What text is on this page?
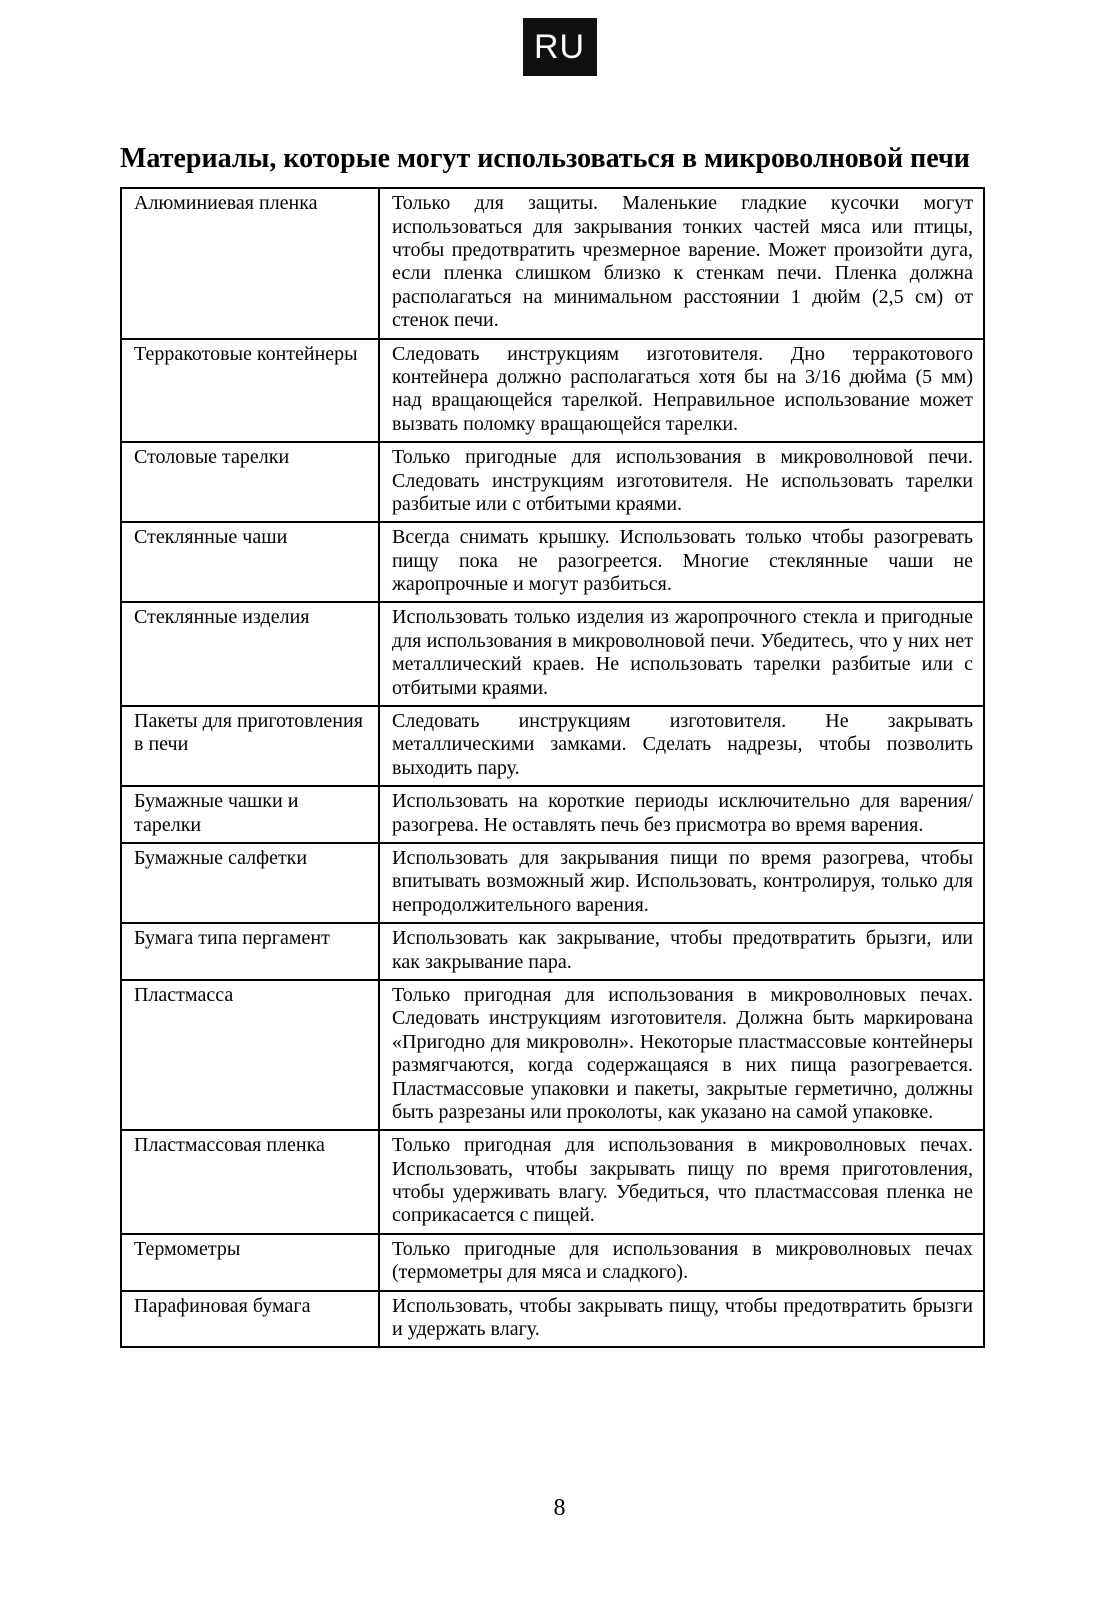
RU
Материалы, которые могут использоваться в микроволновой печи
Алюминиевая пленка	Только для защиты. Маленькие гладкие кусочки могут использоваться для закрывания тонких частей мяса или птицы, чтобы предотвратить чрезмерное варение. Может произойти дуга, если пленка слишком близко к стенкам печи. Пленка должна располагаться на минимальном расстоянии 1 дюйм (2,5 см) от стенок печи.
Терракотовые контейнеры	Следовать инструкциям изготовителя. Дно терракотового контейнера должно располагаться хотя бы на 3/16 дюйма (5 мм) над вращающейся тарелкой. Неправильное использование может вызвать поломку вращающейся тарелки.
Столовые тарелки	Только пригодные для использования в микроволновой печи. Следовать инструкциям изготовителя. Не использовать тарелки разбитые или с отбитыми краями.
Стеклянные чаши	Всегда снимать крышку. Использовать только чтобы разогревать пищу пока не разогреется. Многие стеклянные чаши не жаропрочные и могут разбиться.
Стеклянные изделия	Использовать только изделия из жаропрочного стекла и пригодные для использования в микроволновой печи. Убедитесь, что у них нет металлический краев. Не использовать тарелки разбитые или с отбитыми краями.
Пакеты для приготовления в печи	Следовать инструкциям изготовителя. Не закрывать металлическими замками. Сделать надрезы, чтобы позволить выходить пару.
Бумажные чашки и тарелки	Использовать на короткие периоды исключительно для варения/разогрева. Не оставлять печь без присмотра во время варения.
Бумажные салфетки	Использовать для закрывания пищи по время разогрева, чтобы впитывать возможный жир. Использовать, контролируя, только для непродолжительного варения.
Бумага типа пергамент	Использовать как закрывание, чтобы предотвратить брызги, или как закрывание пара.
Пластмасса	Только пригодная для использования в микроволновых печах. Следовать инструкциям изготовителя. Должна быть маркирована «Пригодно для микроволн». Некоторые пластмассовые контейнеры размягчаются, когда содержащаяся в них пища разогревается. Пластмассовые упаковки и пакеты, закрытые герметично, должны быть разрезаны или проколоты, как указано на самой упаковке.
Пластмассовая пленка	Только пригодная для использования в микроволновых печах. Использовать, чтобы закрывать пищу по время приготовления, чтобы удерживать влагу. Убедиться, что пластмассовая пленка не соприкасается с пищей.
Термометры	Только пригодные для использования в микроволновых печах (термометры для мяса и сладкого).
Парафиновая бумага	Использовать, чтобы закрывать пищу, чтобы предотвратить брызги и удержать влагу.
8
